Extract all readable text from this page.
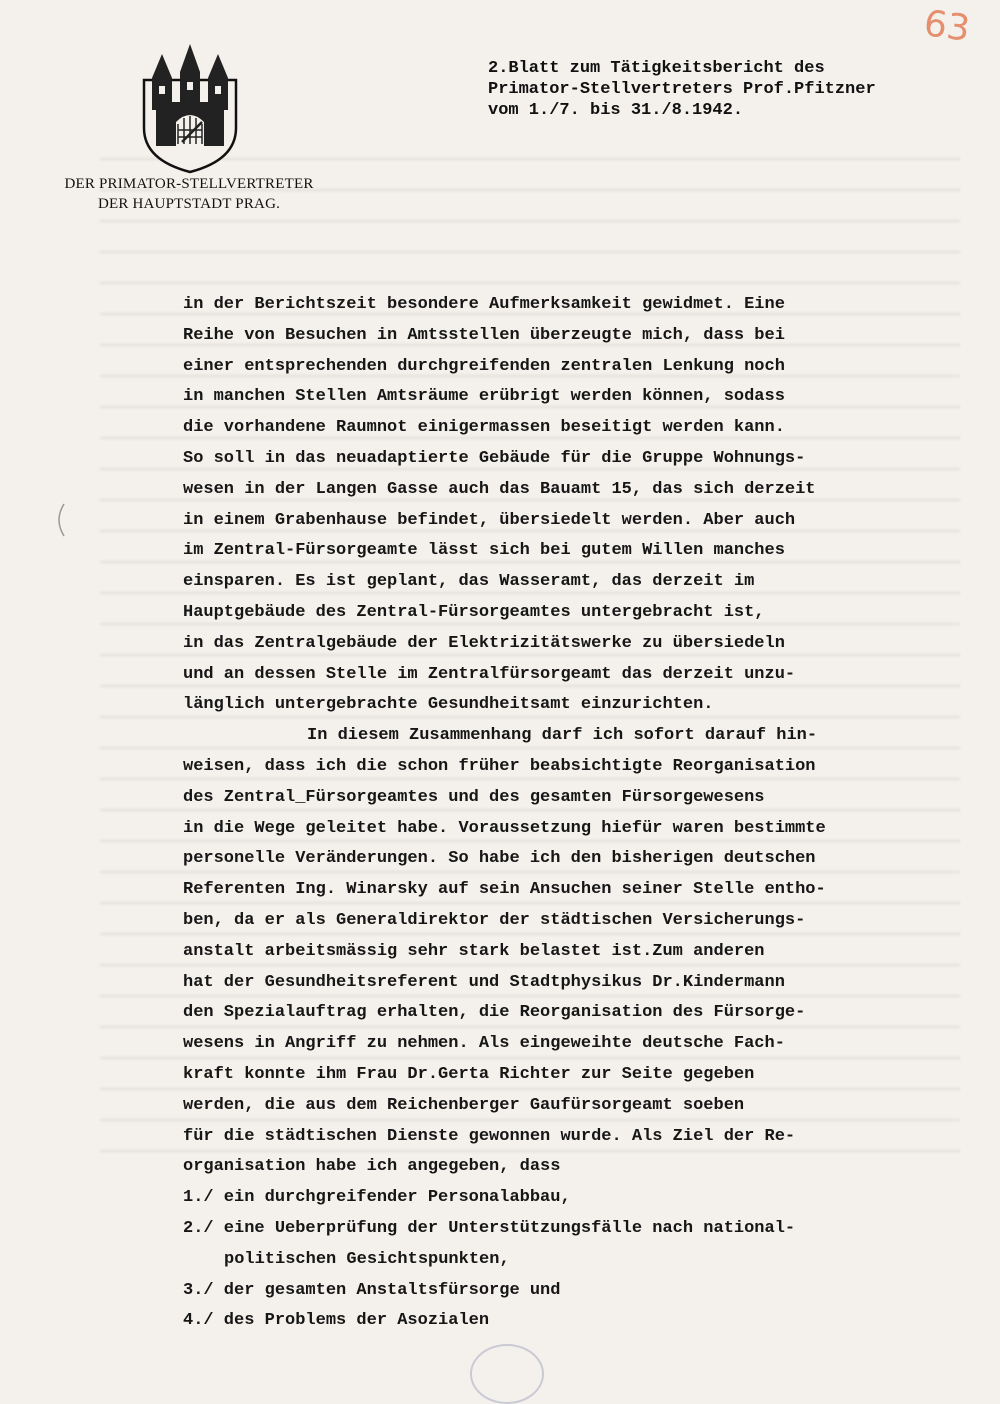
63
DER PRIMATOR-STELLVERTRETER
DER HAUPTSTADT PRAG.
2.Blatt zum Tätigkeitsbericht des
Primator-Stellvertreters Prof.Pfitzner
vom 1./7. bis 31./8.1942.
in der Berichtszeit besondere Aufmerksamkeit gewidmet. Eine
Reihe von Besuchen in Amtsstellen überzeugte mich, dass bei
einer entsprechenden durchgreifenden zentralen Lenkung noch
in manchen Stellen Amtsräume erübrigt werden können, sodass
die vorhandene Raumnot einigermassen beseitigt werden kann.
So soll in das neuadaptierte Gebäude für die Gruppe Wohnungs-
wesen in der Langen Gasse auch das Bauamt 15, das sich derzeit
in einem Grabenhause befindet, übersiedelt werden. Aber auch
im Zentral-Fürsorgeamte lässt sich bei gutem Willen manches
einsparen. Es ist geplant, das Wasseramt, das derzeit im
Hauptgebäude des Zentral-Fürsorgeamtes untergebracht ist,
in das Zentralgebäude der Elektrizitätswerke zu übersiedeln
und an dessen Stelle im Zentralfürsorgeamt das derzeit unzu-
länglich untergebrachte Gesundheitsamt einzurichten.
In diesem Zusammenhang darf ich sofort darauf hin-
weisen, dass ich die schon früher beabsichtigte Reorganisation
des Zentral_Fürsorgeamtes und des gesamten Fürsorgewesens
in die Wege geleitet habe. Voraussetzung hiefür waren bestimmte
personelle Veränderungen. So habe ich den bisherigen deutschen
Referenten Ing. Winarsky auf sein Ansuchen seiner Stelle entho-
ben, da er als Generaldirektor der städtischen Versicherungs-
anstalt arbeitsmässig sehr stark belastet ist.Zum anderen
hat der Gesundheitsreferent und Stadtphysikus Dr.Kindermann
den Spezialauftrag erhalten, die Reorganisation des Fürsorge-
wesens in Angriff zu nehmen. Als eingeweihte deutsche Fach-
kraft konnte ihm Frau Dr.Gerta Richter zur Seite gegeben
werden, die aus dem Reichenberger Gaufürsorgeamt soeben
für die städtischen Dienste gewonnen wurde. Als Ziel der Re-
organisation habe ich angegeben, dass
1./ ein durchgreifender Personalabbau,
2./ eine Ueberprüfung der Unterstützungsfälle nach national-
politischen Gesichtspunkten,
3./ der gesamten Anstaltsfürsorge und
4./ des Problems der Asozialen
